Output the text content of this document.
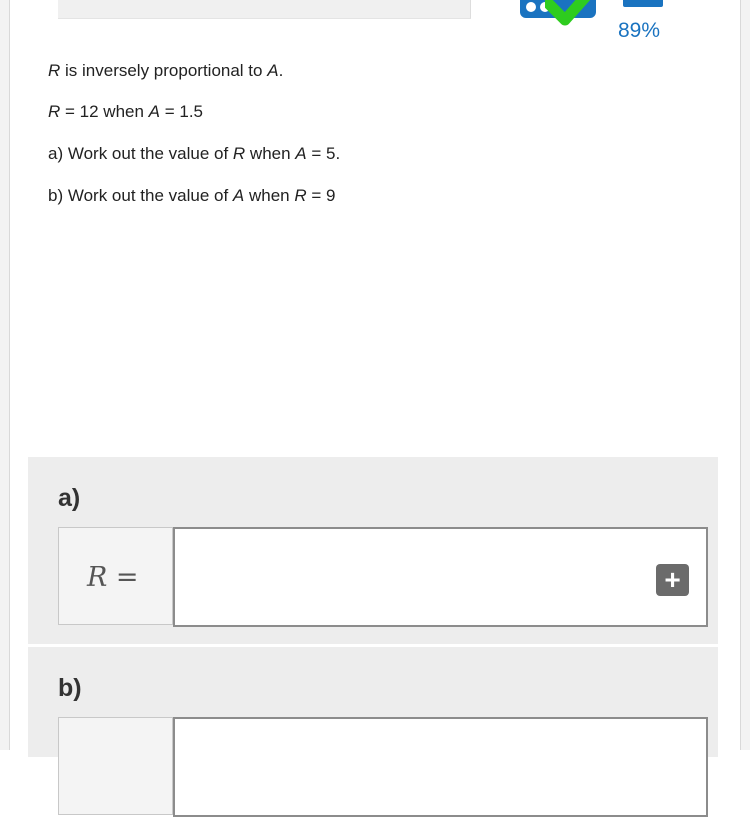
89%
R is inversely proportional to A.
R = 12 when A = 1.5
a) Work out the value of R when A = 5.
b) Work out the value of A when R = 9
a)
R =	+
b)
